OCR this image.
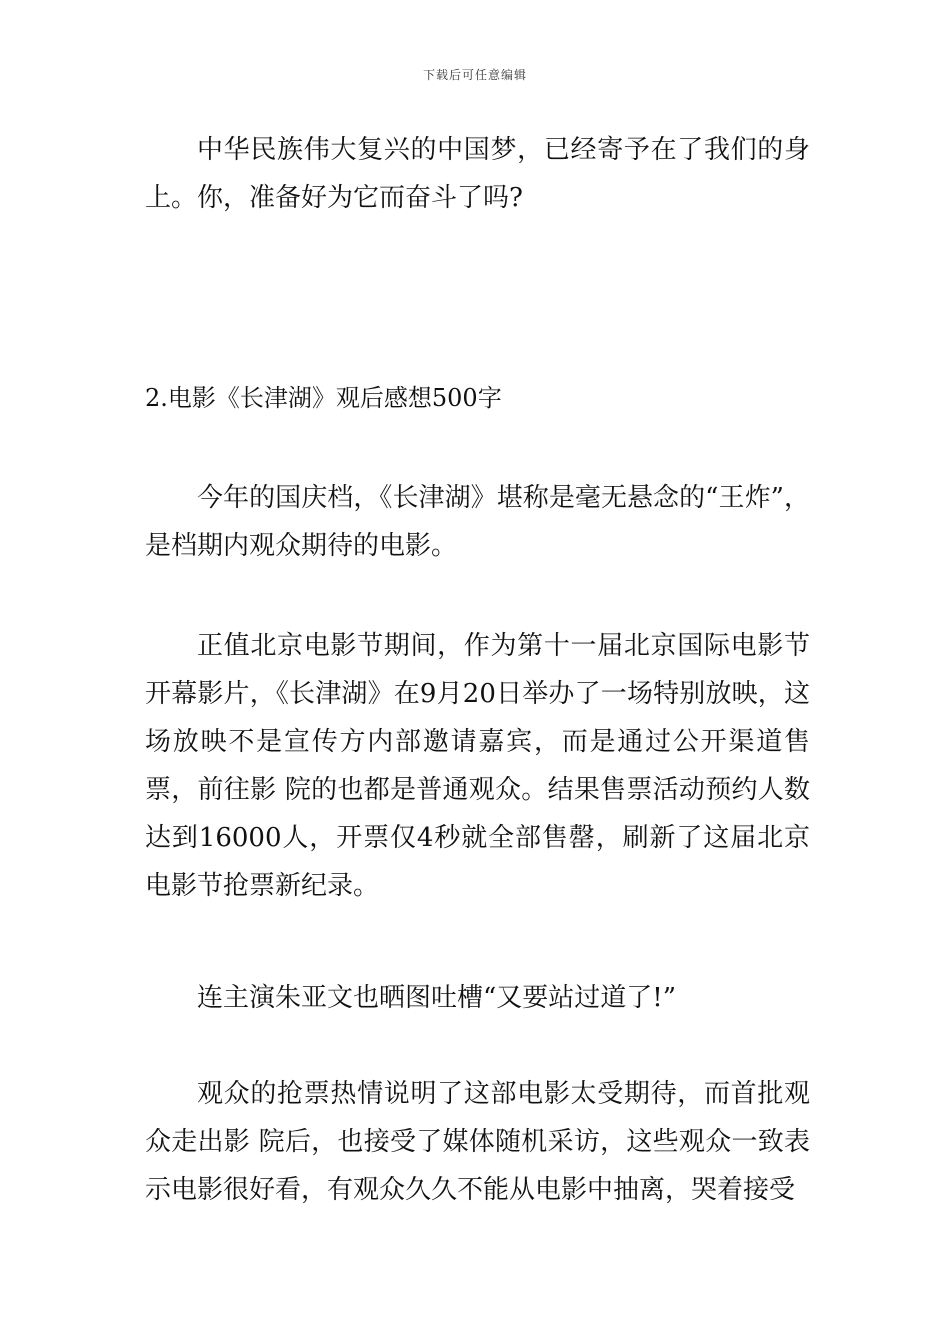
下载后可任意编辑

中华民族伟大复兴的中国梦，已经寄予在了我们的身上。你，准备好为它而奋斗了吗?

2.电影《长津湖》观后感想500字

今年的国庆档，《长津湖》堪称是毫无悬念的“王炸”，是档期内观众期待的电影。

正值北京电影节期间，作为第十一届北京国际电影节开幕影片，《长津湖》在9月20日举办了一场特别放映，这场放映不是宣传方内部邀请嘉宾，而是通过公开渠道售票，前往影 院的也都是普通观众。结果售票活动预约人数达到16000人，开票仅4秒就全部售罄，刷新了这届北京电影节抢票新纪录。

连主演朱亚文也晒图吐槽“又要站过道了!”

观众的抢票热情说明了这部电影太受期待，而首批观众走出影 院后，也接受了媒体随机采访，这些观众一致表示电影很好看，有观众久久不能从电影中抽离，哭着接受
